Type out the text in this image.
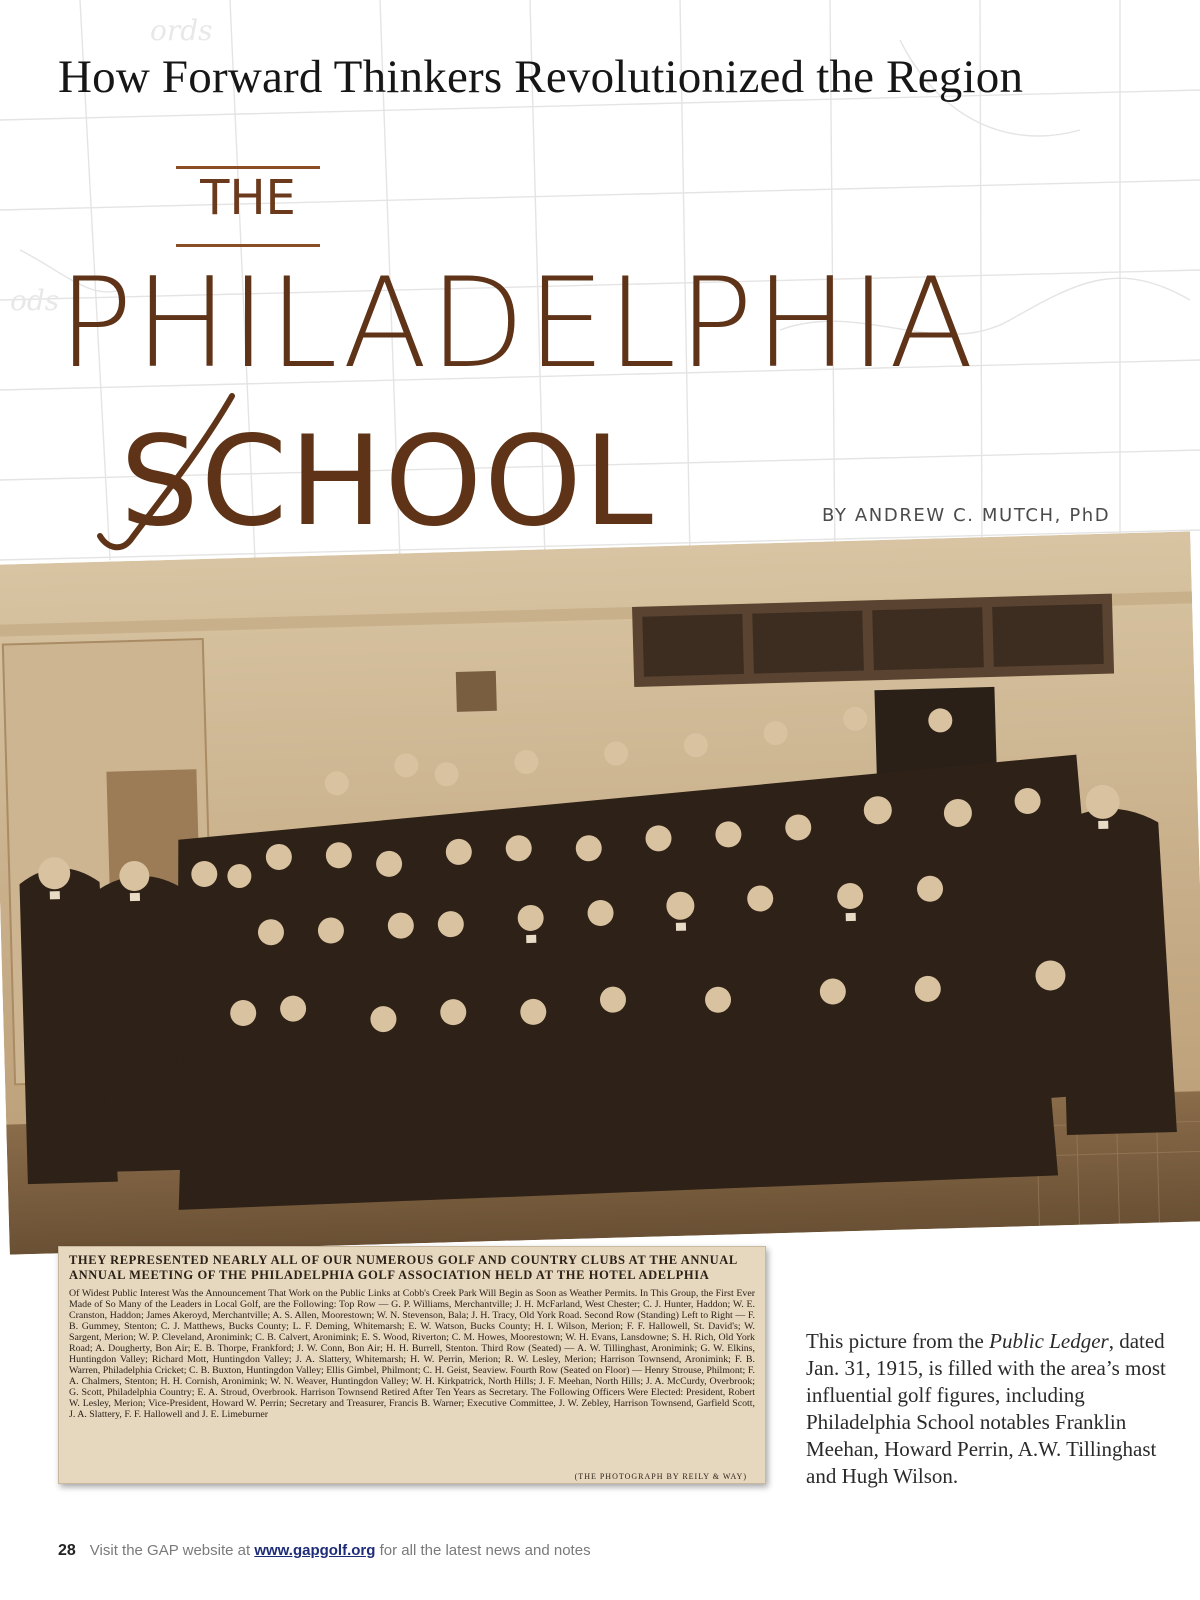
ords
ods
How Forward Thinkers Revolutionized the Region
THE
PHILADELPHIA
SCHOOL	BY ANDREW C. MUTCH, PhD
THEY REPRESENTED NEARLY ALL OF OUR NUMEROUS GOLF AND COUNTRY CLUBS AT THE ANNUAL
ANNUAL MEETING OF THE PHILADELPHIA GOLF ASSOCIATION HELD AT THE HOTEL ADELPHIA
Of Widest Public Interest Was the Announcement That Work on the Public Links at Cobb's Creek Park Will Begin as Soon as Weather Permits. In This Group, the First Ever Made of So Many of the Leaders in Local Golf, are the Following: Top Row — G. P. Williams, Merchantville; J. H. McFarland, West Chester; C. J. Hunter, Haddon; W. E. Cranston, Haddon; James Akeroyd, Merchantville; A. S. Allen, Moorestown; W. N. Stevenson, Bala; J. H. Tracy, Old York Road. Second Row (Standing) Left to Right — F. B. Gummey, Stenton; C. J. Matthews, Bucks County; L. F. Deming, Whitemarsh; E. W. Watson, Bucks County; H. I. Wilson, Merion; F. F. Hallowell, St. David's; W. Sargent, Merion; W. P. Cleveland, Aronimink; C. B. Calvert, Aronimink; E. S. Wood, Riverton; C. M. Howes, Moorestown; W. H. Evans, Lansdowne; S. H. Rich, Old York Road; A. Dougherty, Bon Air; E. B. Thorpe, Frankford; J. W. Conn, Bon Air; H. H. Burrell, Stenton. Third Row (Seated) — A. W. Tillinghast, Aronimink; G. W. Elkins, Huntingdon Valley; Richard Mott, Huntingdon Valley; J. A. Slattery, Whitemarsh; H. W. Perrin, Merion; R. W. Lesley, Merion; Harrison Townsend, Aronimink; F. B. Warren, Philadelphia Cricket; C. B. Buxton, Huntingdon Valley; Ellis Gimbel, Philmont; C. H. Geist, Seaview. Fourth Row (Seated on Floor) — Henry Strouse, Philmont; F. A. Chalmers, Stenton; H. H. Cornish, Aronimink; W. N. Weaver, Huntingdon Valley; W. H. Kirkpatrick, North Hills; J. F. Meehan, North Hills; J. A. McCurdy, Overbrook; G. Scott, Philadelphia Country; E. A. Stroud, Overbrook. Harrison Townsend Retired After Ten Years as Secretary. The Following Officers Were Elected: President, Robert W. Lesley, Merion; Vice-President, Howard W. Perrin; Secretary and Treasurer, Francis B. Warner; Executive Committee, J. W. Zebley, Harrison Townsend, Garfield Scott, J. A. Slattery, F. F. Hallowell and J. E. Limeburner
(THE PHOTOGRAPH BY REILY & WAY)
This picture from the Public Ledger, dated Jan. 31, 1915, is filled with the area’s most influential golf figures, including Philadelphia School notables Franklin Meehan, Howard Perrin, A.W. Tillinghast and Hugh Wilson.
28 Visit the GAP website at www.gapgolf.org for all the latest news and notes
